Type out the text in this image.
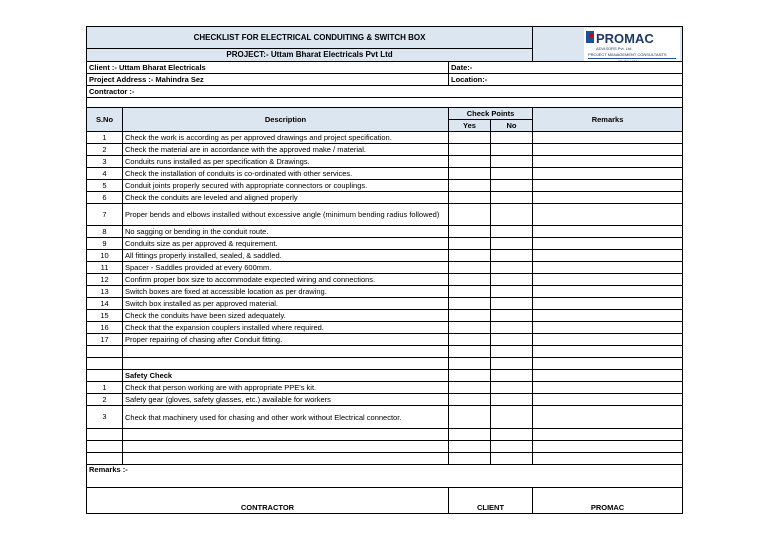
CHECKLIST FOR ELECTRICAL CONDUITING & SWITCH BOX				PROMAC
ADVISORS Pvt. Ltd.
PROJECT MANAGEMENT CONSULTANTS
SINCE 1993

PROJECT:- Uttam Bharat Electricals Pvt Ltd				
Client :- Uttam Bharat Electricals		Date:-		
Project Address :- Mahindra Sez		Location:-		
Contractor :-				

S.No	Description	Check Points		Remarks
		Yes	No	
1	Check the work is according as per approved drawings and project specification.			
2	Check the material are in accordance with the approved make / material.			
3	Conduits runs installed as per specification & Drawings.			
4	Check the installation of conduits is co-ordinated with other services.			
5	Conduit joints properly secured with appropriate connectors or couplings.			
6	Check the conduits are leveled and aligned properly			
7	Proper bends and elbows installed without excessive angle (minimum bending radius followed)			
8	No sagging or bending in the conduit route.			
9	Conduits size as per approved & requirement.			
10	All fittings properly installed, sealed, & saddled.			
11	Spacer - Saddles provided at every 600mm.			
12	Confirm proper box size to accommodate expected wiring and connections.			
13	Switch boxes are fixed at accessible location as per drawing.			
14	Switch box installed as per approved material.			
15	Check the conduits have been sized adequately.			
16	Check that the expansion couplers installed where required.			
17	Proper repairing of chasing after Conduit fitting.			

	Safety Check			
1	Check that person working are with appropriate PPE's kit.			
2	Safety gear (gloves, safety glasses, etc.) available for workers			
3	Check that machinery used for chasing and other work without Electrical connector.			

Remarks :-				
CONTRACTOR		CLIENT		PROMAC
